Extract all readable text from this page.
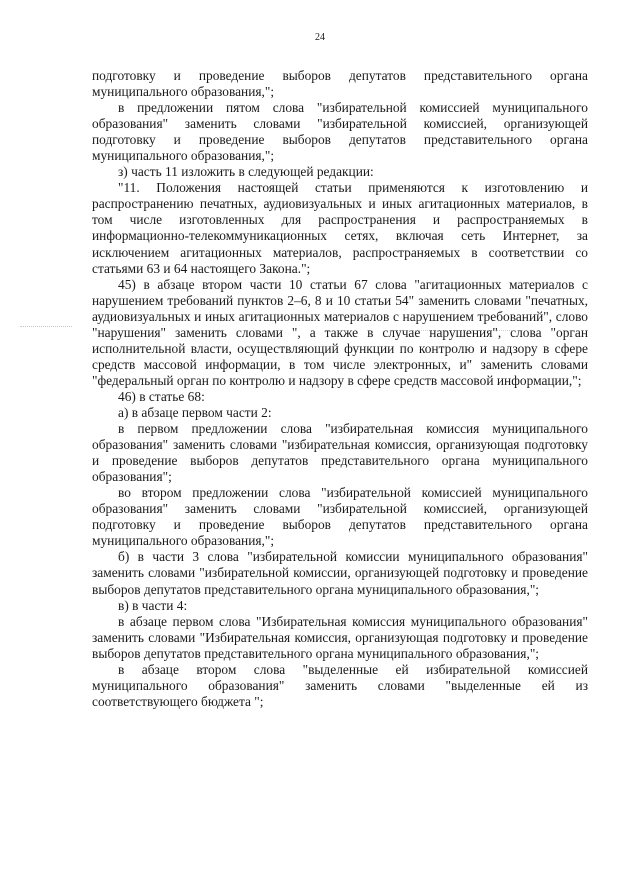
24

подготовку и проведение выборов депутатов представительного органа муниципального образования,";

в предложении пятом слова "избирательной комиссией муниципального образования" заменить словами "избирательной комиссией, организующей подготовку и проведение выборов депутатов представительного органа муниципального образования,";

з) часть 11 изложить в следующей редакции:

"11. Положения настоящей статьи применяются к изготовлению и распространению печатных, аудиовизуальных и иных агитационных материалов, в том числе изготовленных для распространения и распространяемых в информационно-телекоммуникационных сетях, включая сеть Интернет, за исключением агитационных материалов, распространяемых в соответствии со статьями 63 и 64 настоящего Закона.";

45) в абзаце втором части 10 статьи 67 слова "агитационных материалов с нарушением требований пунктов 2–6, 8 и 10 статьи 54" заменить словами "печатных, аудиовизуальных и иных агитационных материалов с нарушением требований", слово "нарушения" заменить словами ", а также в случае нарушения", слова "орган исполнительной власти, осуществляющий функции по контролю и надзору в сфере средств массовой информации, в том числе электронных, и" заменить словами "федеральный орган по контролю и надзору в сфере средств массовой информации,";

46) в статье 68:

а) в абзаце первом части 2:

в первом предложении слова "избирательная комиссия муниципального образования" заменить словами "избирательная комиссия, организующая подготовку и проведение выборов депутатов представительного органа муниципального образования";

во втором предложении слова "избирательной комиссией муниципального образования" заменить словами "избирательной комиссией, организующей подготовку и проведение выборов депутатов представительного органа муниципального образования,";

б) в части 3 слова "избирательной комиссии муниципального образования" заменить словами "избирательной комиссии, организующей подготовку и проведение выборов депутатов представительного органа муниципального образования,";

в) в части 4:

в абзаце первом слова "Избирательная комиссия муниципального образования" заменить словами "Избирательная комиссия, организующая подготовку и проведение выборов депутатов представительного органа муниципального образования,";

в абзаце втором слова "выделенные ей избирательной комиссией муниципального образования" заменить словами "выделенные ей из соответствующего бюджета ";
